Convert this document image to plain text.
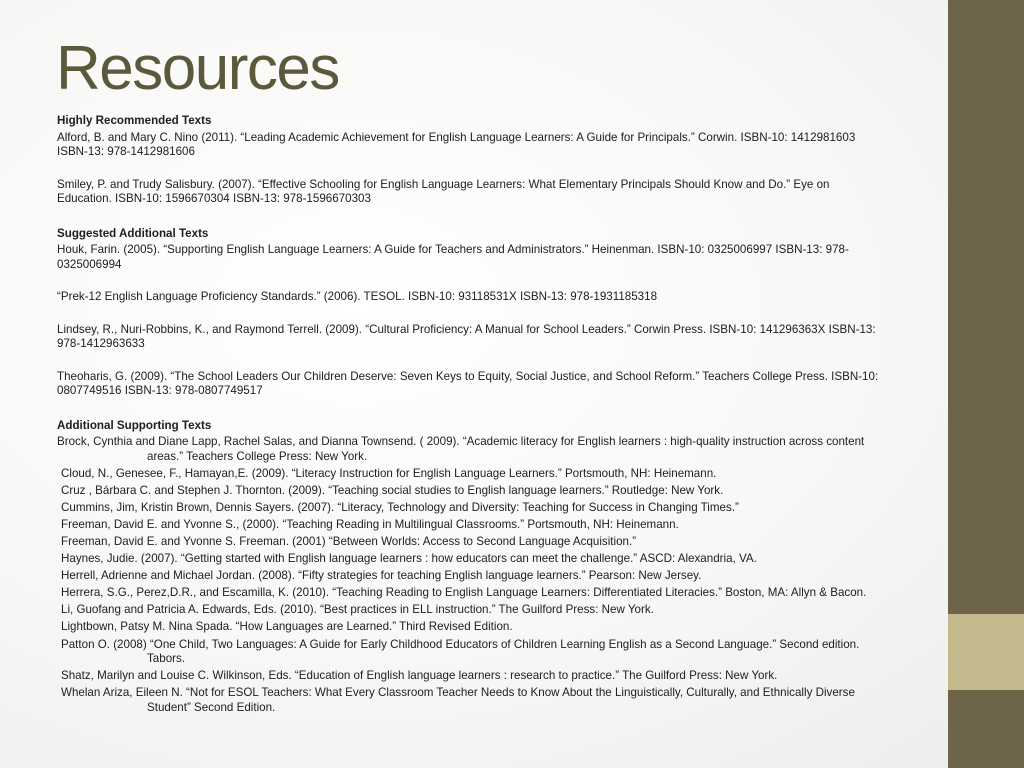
Resources

Highly Recommended Texts

Alford, B. and Mary C. Nino (2011). “Leading Academic Achievement for English Language Learners: A Guide for Principals.” Corwin. ISBN-10: 1412981603 ISBN-13: 978-1412981606

Smiley, P. and Trudy Salisbury. (2007). “Effective Schooling for English Language Learners: What Elementary Principals Should Know and Do.” Eye on Education. ISBN-10: 1596670304 ISBN-13: 978-1596670303

Suggested Additional Texts

Houk, Farin. (2005). “Supporting English Language Learners: A Guide for Teachers and Administrators.” Heinenman. ISBN-10: 0325006997 ISBN-13: 978-0325006994

“Prek-12 English Language Proficiency Standards.” (2006). TESOL. ISBN-10: 93118531X ISBN-13: 978-1931185318

Lindsey, R., Nuri-Robbins, K., and Raymond Terrell. (2009). “Cultural Proficiency: A Manual for School Leaders.” Corwin Press. ISBN-10: 141296363X ISBN-13: 978-1412963633

Theoharis, G. (2009). “The School Leaders Our Children Deserve: Seven Keys to Equity, Social Justice, and School Reform.” Teachers College Press. ISBN-10: 0807749516 ISBN-13: 978-0807749517

Additional Supporting Texts

Brock, Cynthia and Diane Lapp, Rachel Salas, and Dianna Townsend. ( 2009). “Academic literacy for English learners : high-quality instruction across content areas.” Teachers College Press: New York.

Cloud, N., Genesee, F., Hamayan,E. (2009). “Literacy Instruction for English Language Learners.” Portsmouth, NH: Heinemann.

Cruz , Bárbara C. and Stephen J. Thornton. (2009). “Teaching social studies to English language learners.” Routledge: New York.

Cummins, Jim, Kristin Brown, Dennis Sayers. (2007). “Literacy, Technology and Diversity: Teaching for Success in Changing Times.”

Freeman, David E. and Yvonne S., (2000). “Teaching Reading in Multilingual Classrooms.” Portsmouth, NH: Heinemann.

Freeman, David E. and Yvonne S. Freeman. (2001) “Between Worlds: Access to Second Language Acquisition.”

Haynes, Judie. (2007). “Getting started with English language learners : how educators can meet the challenge.” ASCD: Alexandria, VA.

Herrell, Adrienne and Michael Jordan. (2008). “Fifty strategies for teaching English language learners.” Pearson: New Jersey.

Herrera, S.G., Perez,D.R., and Escamilla, K. (2010). “Teaching Reading to English Language Learners: Differentiated Literacies.” Boston, MA: Allyn & Bacon.

Li, Guofang and Patricia A. Edwards, Eds. (2010). “Best practices in ELL instruction.” The Guilford Press: New York.

Lightbown, Patsy M. Nina Spada. “How Languages are Learned.” Third Revised Edition.

Patton O. (2008) “One Child, Two Languages: A Guide for Early Childhood Educators of Children Learning English as a Second Language.” Second edition. Tabors.

Shatz, Marilyn and Louise C. Wilkinson, Eds. “Education of English language learners : research to practice.” The Guilford Press: New York.

Whelan Ariza, Eileen N. “Not for ESOL Teachers: What Every Classroom Teacher Needs to Know About the Linguistically, Culturally, and Ethnically Diverse Student” Second Edition.
